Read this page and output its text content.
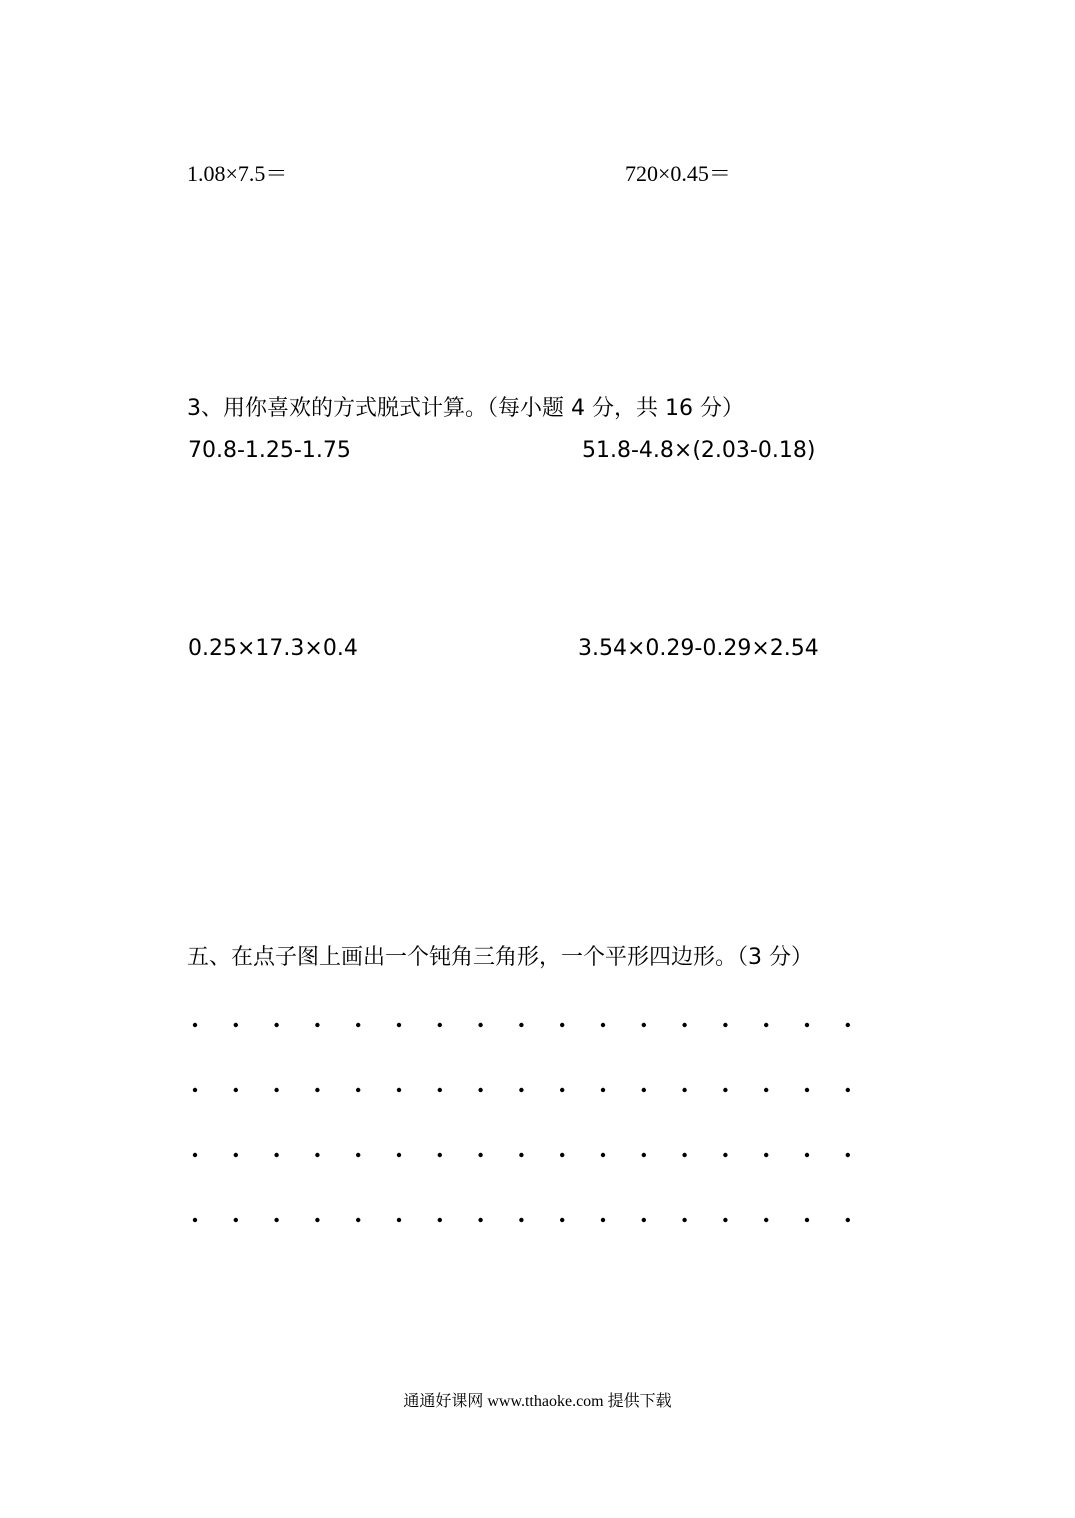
1.08×7.5＝	720×0.45＝
3、用你喜欢的方式脱式计算。（每小题 4 分，共 16 分）
70.8-1.25-1.75	51.8-4.8×(2.03-0.18)
0.25×17.3×0.4	3.54×0.29-0.29×2.54
五、在点子图上画出一个钝角三角形，一个平形四边形。（3 分）
通通好课网 www.tthaoke.com 提供下载
